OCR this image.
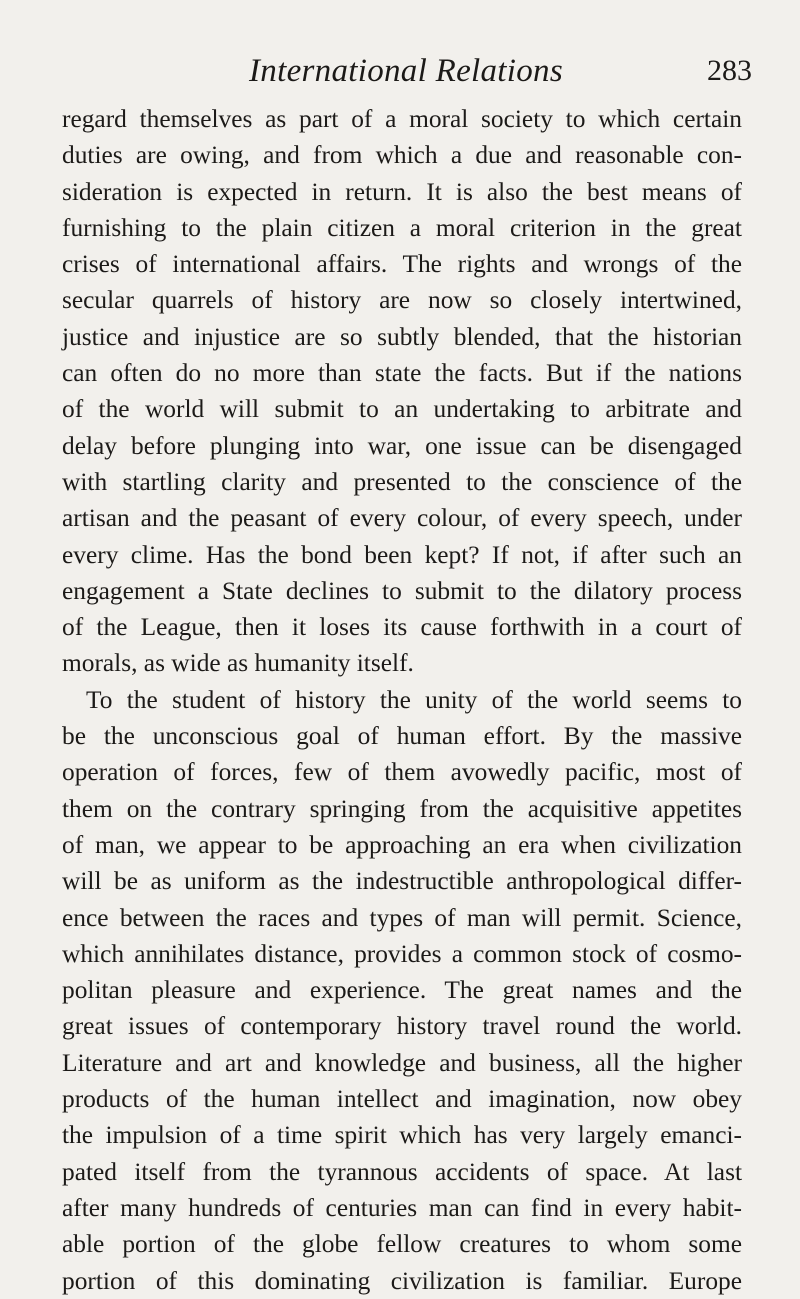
International Relations	283
regard themselves as part of a moral society to which certain
duties are owing, and from which a due and reasonable con-
sideration is expected in return. It is also the best means of
furnishing to the plain citizen a moral criterion in the great
crises of international affairs. The rights and wrongs of the
secular quarrels of history are now so closely intertwined,
justice and injustice are so subtly blended, that the historian
can often do no more than state the facts. But if the nations
of the world will submit to an undertaking to arbitrate and
delay before plunging into war, one issue can be disengaged
with startling clarity and presented to the conscience of the
artisan and the peasant of every colour, of every speech, under
every clime. Has the bond been kept? If not, if after such an
engagement a State declines to submit to the dilatory process
of the League, then it loses its cause forthwith in a court of
morals, as wide as humanity itself.
To the student of history the unity of the world seems to
be the unconscious goal of human effort. By the massive
operation of forces, few of them avowedly pacific, most of
them on the contrary springing from the acquisitive appetites
of man, we appear to be approaching an era when civilization
will be as uniform as the indestructible anthropological differ-
ence between the races and types of man will permit. Science,
which annihilates distance, provides a common stock of cosmo-
politan pleasure and experience. The great names and the
great issues of contemporary history travel round the world.
Literature and art and knowledge and business, all the higher
products of the human intellect and imagination, now obey
the impulsion of a time spirit which has very largely emanci-
pated itself from the tyrannous accidents of space. At last
after many hundreds of centuries man can find in every habit-
able portion of the globe fellow creatures to whom some
portion of this dominating civilization is familiar. Europe
